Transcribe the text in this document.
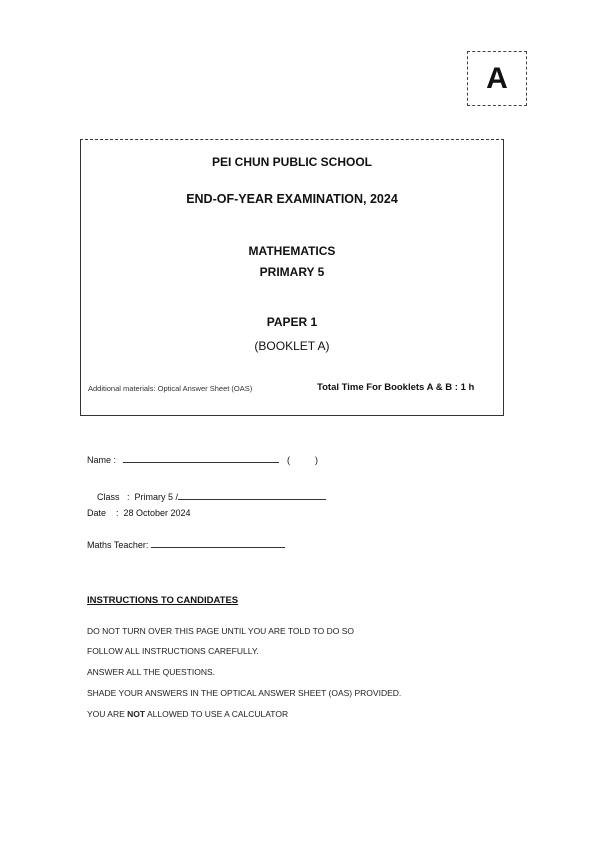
A
PEI CHUN PUBLIC SCHOOL
END-OF-YEAR EXAMINATION, 2024
MATHEMATICS
PRIMARY 5
PAPER 1
(BOOKLET A)
Additional materials: Optical Answer Sheet (OAS)	Total Time For Booklets A & B : 1 h
Name :	(          )

Class   :  Primary 5 /

Date    :  28 October 2024
Maths Teacher:
INSTRUCTIONS TO CANDIDATES
DO NOT TURN OVER THIS PAGE UNTIL YOU ARE TOLD TO DO SO
FOLLOW ALL INSTRUCTIONS CAREFULLY.
ANSWER ALL THE QUESTIONS.
SHADE YOUR ANSWERS IN THE OPTICAL ANSWER SHEET (OAS) PROVIDED.
YOU ARE NOT ALLOWED TO USE A CALCULATOR
